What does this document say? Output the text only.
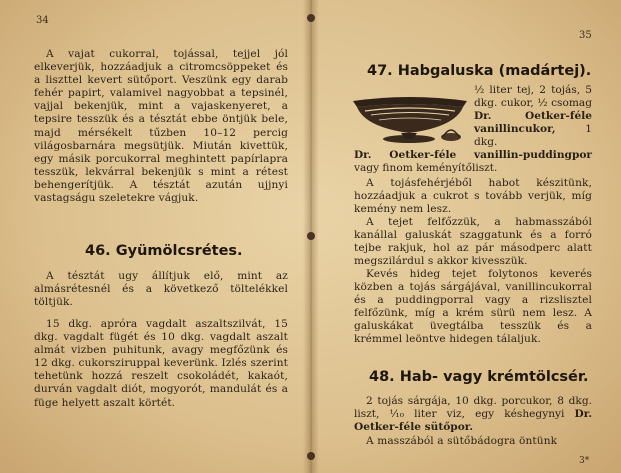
34

A vajat cukorral, tojással, tejjel jól elkeverjük, hozzáadjuk a citromcsöppeket és a liszttel kevert sütőport. Veszünk egy darab fehér papirt, valamivel nagyobbat a tepsinél, vajjal bekenjük, mint a vajaskenyeret, a tepsire tesszük és a tésztát ebbe öntjük bele, majd mérsékelt tűzben 10–12 percig világosbarnára megsütjük. Miután kivettük, egy másik porcukorral meghintett papírlapra tesszük, lekvárral bekenjük s mint a rétest behengerítjük. A tésztát azután ujjnyi vastagságu szeletekre vágjuk.

46. Gyümölcsrétes.

A tésztát ugy állítjuk elő, mint az almásrétesnél és a következő töltelékkel töltjük.

15 dkg. apróra vagdalt aszaltszilvát, 15 dkg. vagdalt fügét és 10 dkg. vagdalt aszalt almát vizben puhitunk, avagy megfőzünk és 12 dkg. cukorsziruppal keverünk. Izlés szerint tehetünk hozzá reszelt csokoládét, kakaót, durván vagdalt diót, mogyorót, mandulát és a füge helyett aszalt körtét.

35
47. Habgaluska (madártej).

½ liter tej, 2 tojás, 5 dkg. cukor, ½ csomag Dr. Oetker-féle vanillincukor,	1 dkg.

Dr. Oetker-féle vanillin-puddingpor vagy finom keményítőliszt.

A tojásfehérjéből habot készitünk, hozzáadjuk a cukrot s tovább verjük, míg kemény nem lesz.

A tejet felfőzzük, a habmasszából kanállal galuskát szaggatunk és a forró tejbe rakjuk, hol az pár másodperc alatt megszilárdul s akkor kivesszük.

Kevés hideg tejet folytonos keverés közben a tojás sárgájával, vanillincukorral és a puddingporral vagy a rizslisztel felfőzünk, míg a krém sürü nem lesz. A galuskákat üvegtálba tesszük és a krémmel leöntve hidegen tálaljuk.

48. Hab- vagy krémtölcsér.

2 tojás sárgája, 10 dkg. porcukor, 8 dkg. liszt, ¹⁄₁₀ liter viz, egy késhegynyi Dr. Oetker-féle sütőpor.

A masszából a sütőbádogra öntünk

3*
